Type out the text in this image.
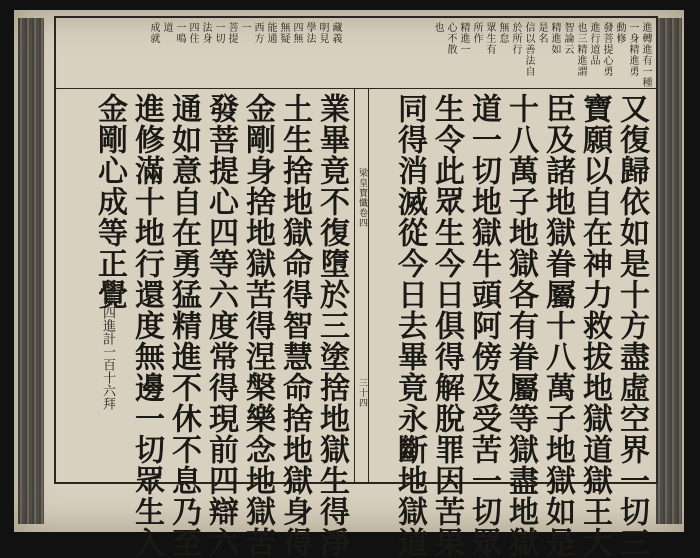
又復歸依如是十方盡虛空界一切三
寶願以自在神力救拔地獄道獄王大
臣及諸地獄眷屬十八萬子地獄如是
十八萬子地獄各有眷屬等獄盡地獄
道一切地獄牛頭阿傍及受苦一切眾
生令此眾生今日俱得解脫罪因苦果
同得消滅從今日去畢竟永斷地獄道
梁皇寶懺卷四
三十四
業畢竟不復墮於三塗捨地獄生得淨
土生捨地獄命得智慧命捨地獄身得
金剛身捨地獄苦得涅槃樂念地獄苦
發菩提心四等六度常得現前四辯六
通如意自在勇猛精進不休不息乃至
進修滿十地行還度無邊一切眾生入
金剛心成等正覺
禮佛四進計一百十六拜
進轉進有一種
一身精進勇
動修
發菩提心勇
進行道品
也三精進謂
智論云
精進如
是名
信以善法自
於所行
無怠
眾生有
所作
精進一
心不散
也
藏義
明見
學法
四無
無疑
能通
西方
一
菩提
一切
法身
四住
一鳴
道
成就
